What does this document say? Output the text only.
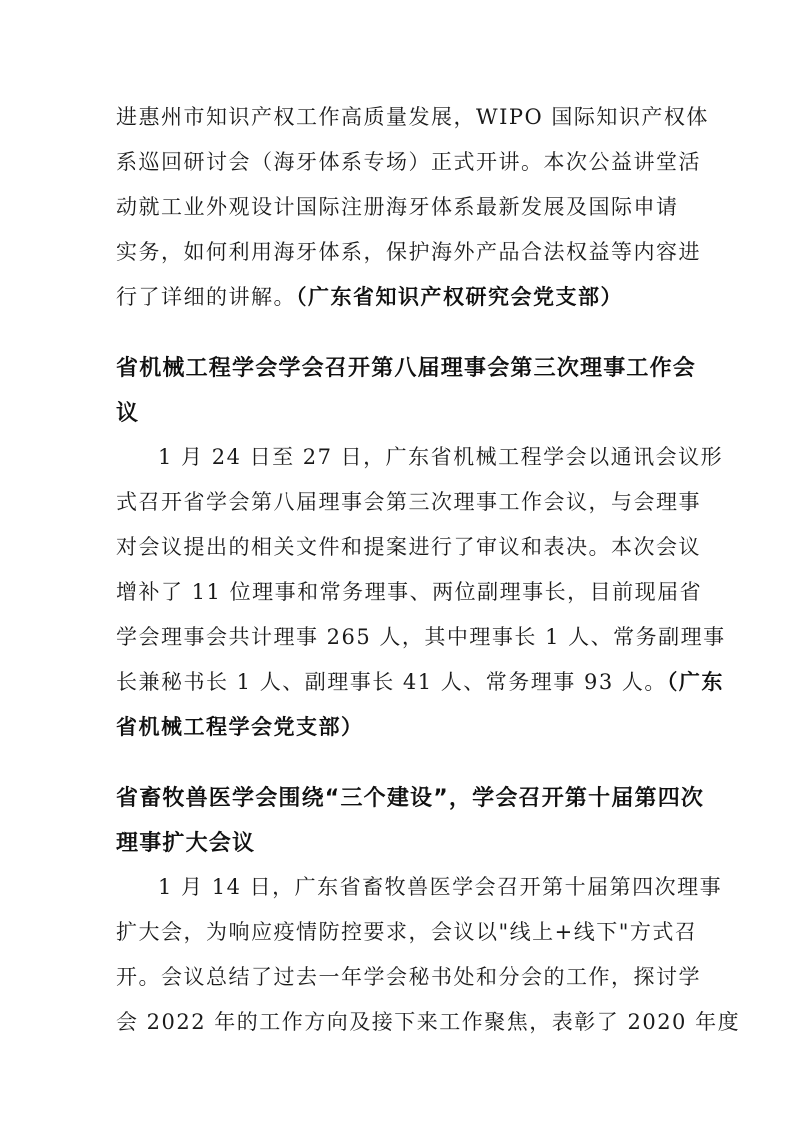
进惠州市知识产权工作高质量发展，WIPO 国际知识产权体
系巡回研讨会（海牙体系专场）正式开讲。本次公益讲堂活
动就工业外观设计国际注册海牙体系最新发展及国际申请
实务，如何利用海牙体系，保护海外产品合法权益等内容进
行了详细的讲解。（广东省知识产权研究会党支部）
省机械工程学会学会召开第八届理事会第三次理事工作会
议
1 月 24 日至 27 日，广东省机械工程学会以通讯会议形
式召开省学会第八届理事会第三次理事工作会议，与会理事
对会议提出的相关文件和提案进行了审议和表决。本次会议
增补了 11 位理事和常务理事、两位副理事长，目前现届省
学会理事会共计理事 265 人，其中理事长 1 人、常务副理事
长兼秘书长 1 人、副理事长 41 人、常务理事 93 人。（广东
省机械工程学会党支部）
省畜牧兽医学会围绕“三个建设”，学会召开第十届第四次
理事扩大会议
1 月 14 日，广东省畜牧兽医学会召开第十届第四次理事
扩大会，为响应疫情防控要求，会议以"线上+线下"方式召
开。会议总结了过去一年学会秘书处和分会的工作，探讨学
会 2022 年的工作方向及接下来工作聚焦，表彰了 2020 年度
